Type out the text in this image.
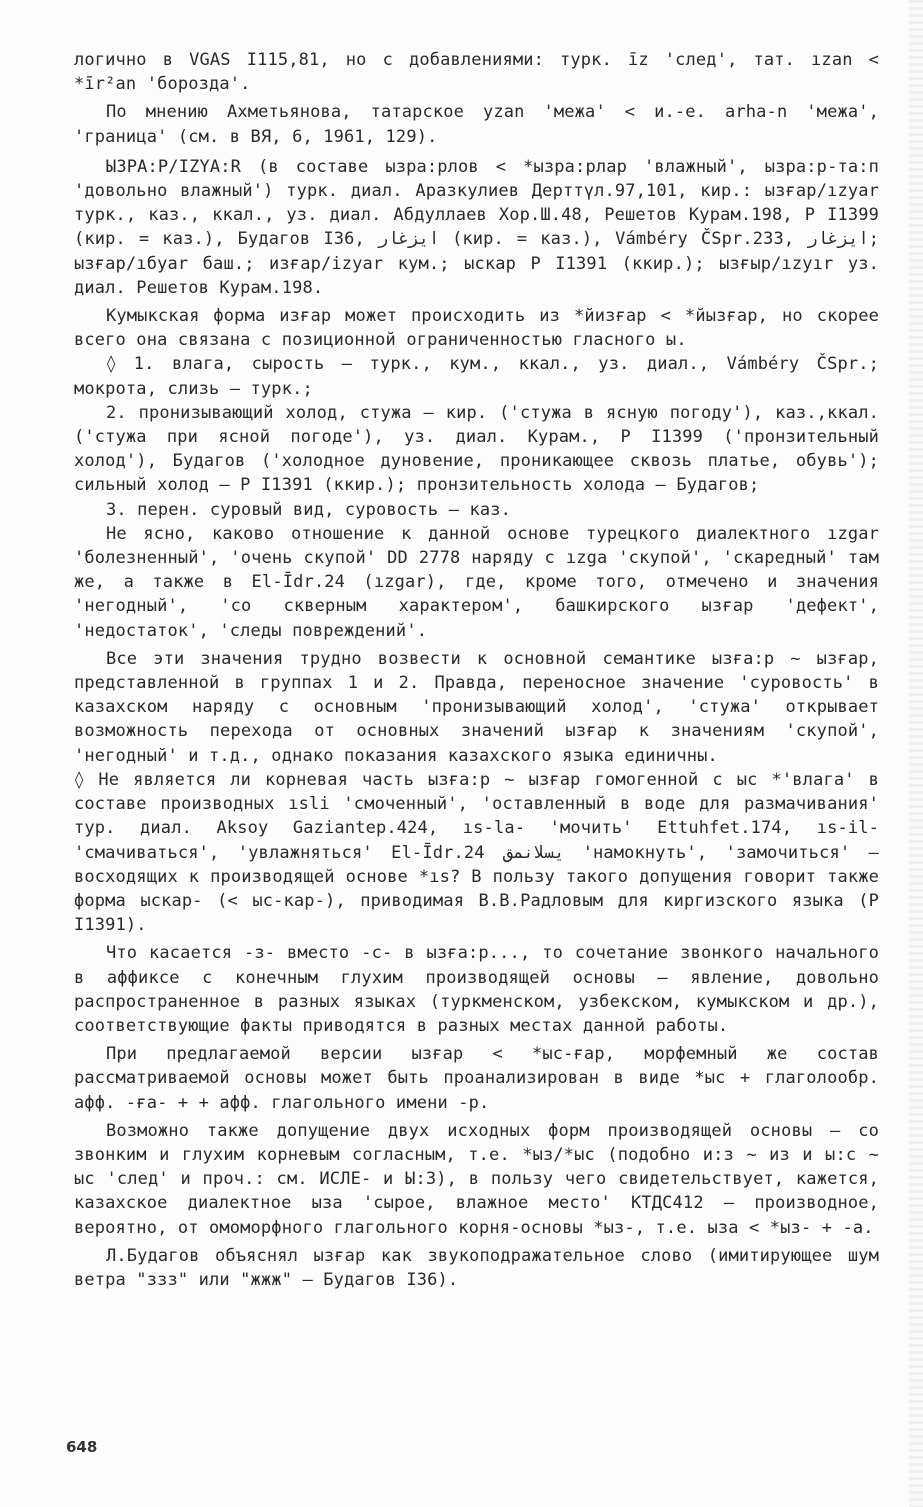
логично в VGAS I115,81, но с добавлениями: турк. īz 'след', тат. ızan < *īr²an 'борозда'.

По мнению Ахметьянова, татарское yzan 'межа' < и.-е. arha-n 'межа', 'граница' (см. в ВЯ, 6, 1961, 129).

ЫЗРА:Р/IZYA:R (в составе ызра:рлов < *ызра:рлар 'влажный', ызра:р-та:п 'довольно влажный') турк. диал. Аразкулиев Дерттүл.97,101, кир.: ызғар/ızyar турк., каз., ккал., уз. диал. Абдуллаев Хор.Ш.48, Решетов Курам.198, Р I1399 (кир. = каз.), Будагов I36, ايزغار (кир. = каз.), Vámbéry ČSpr.233, ايزغار; ызғар/ıбyar баш.; изғар/izyar кум.; ыскар Р I1391 (ккир.); ызғыр/ızyır уз. диал. Решетов Курам.198.

Кумыкская форма изғар может происходить из *йизғар < *йызғар, но скорее всего она связана с позиционной ограниченностью гласного ы.

◊ 1. влага, сырость – турк., кум., ккал., уз. диал., Vámbéry ČSpr.; мокрота, слизь – турк.;

2. пронизывающий холод, стужа – кир. ('стужа в ясную погоду'), каз.,ккал. ('стужа при ясной погоде'), уз. диал. Курам., Р I1399 ('пронзительный холод'), Будагов ('холодное дуновение, проникающее сквозь платье, обувь'); сильный холод – Р I1391 (ккир.); пронзительность холода – Будагов;

3. перен. суровый вид, суровость – каз.

Не ясно, каково отношение к данной основе турецкого диалектного ızgar 'болезненный', 'очень скупой' DD 2778 наряду с ızga 'скупой', 'скаредный' там же, а также в El-Īdr.24 (ızgar), где, кроме того, отмечено и значения 'негодный', 'со скверным характером', башкирского ызғар 'дефект', 'недостаток', 'следы повреждений'.

Все эти значения трудно возвести к основной семантике ызға:р ~ ызғар, представленной в группах 1 и 2. Правда, переносное значение 'суровость' в казахском наряду с основным 'пронизывающий холод', 'стужа' открывает возможность перехода от основных значений ызғар к значениям 'скупой', 'негодный' и т.д., однако показания казахского языка единичны.

◊ Не является ли корневая часть ызға:р ~ ызғар гомогенной с ыс *'влага' в составе производных ısli 'смоченный', 'оставленный в воде для размачивания' тур. диал. Aksoy Gaziantep.424, ıs-la- 'мочить' Ettuhfet.174, ıs-il- 'смачиваться', 'увлажняться' El-Īdr.24 يسلانمق 'намокнуть', 'замочиться' – восходящих к производящей основе *ıs? В пользу такого допущения говорит также форма ыскар- (< ыс-кар-), приводимая В.В.Радловым для киргизского языка (Р I1391).

Что касается -з- вместо -с- в ызға:р..., то сочетание звонкого начального в аффиксе с конечным глухим производящей основы – явление, довольно распространенное в разных языках (туркменском, узбекском, кумыкском и др.), соответствующие факты приводятся в разных местах данной работы.

При предлагаемой версии ызғар < *ыс-ғар, морфемный же состав рассматриваемой основы может быть проанализирован в виде *ыс + глаголообр. афф. -ға- + + афф. глагольного имени -р.

Возможно также допущение двух исходных форм производящей основы – со звонким и глухим корневым согласным, т.е. *ыз/*ыс (подобно и:з ~ из и ы:с ~ ыс 'след' и проч.: см. ИСЛЕ- и Ы:З), в пользу чего свидетельствует, кажется, казахское диалектное ыза 'сырое, влажное место' КТДС412 – производное, вероятно, от омоморфного глагольного корня-основы *ыз-, т.е. ыза < *ыз- + -а.

Л.Будагов объяснял ызғар как звукоподражательное слово (имитирующее шум ветра "ззз" или "жжж" – Будагов I36).

648
